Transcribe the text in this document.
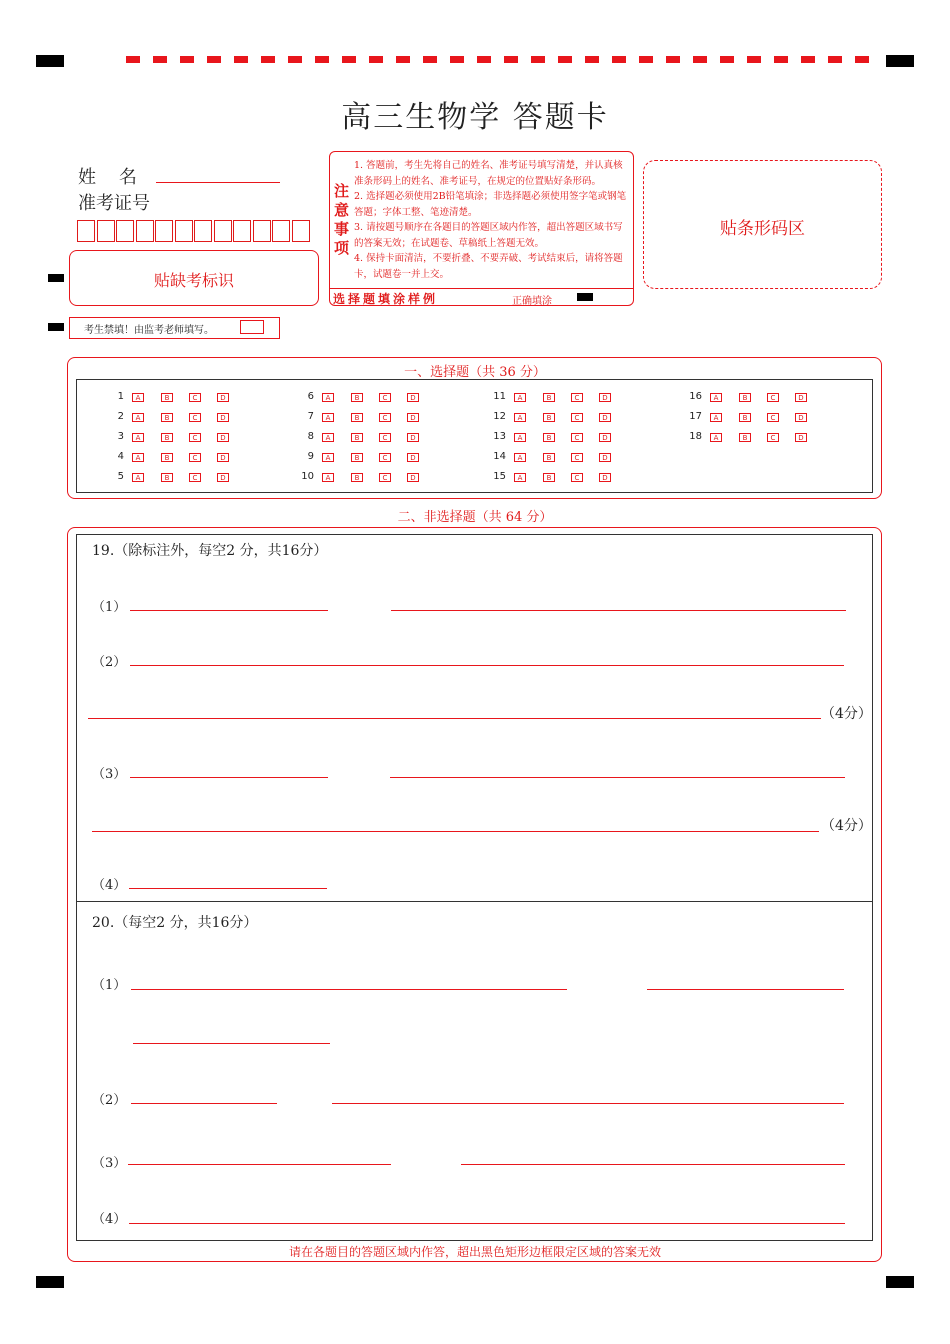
高三生物学 答题卡
姓    名
准考证号
贴缺考标识
考生禁填！由监考老师填写。
注意事项
1. 答题前，考生先将自己的姓名、准考证号填写清楚，并认真核准条形码上的姓名、准考证号，在规定的位置贴好条形码。
2. 选择题必须使用2B铅笔填涂；非选择题必须使用签字笔或钢笔答题；字体工整、笔迹清楚。
3. 请按题号顺序在各题目的答题区域内作答，超出答题区域书写的答案无效；在试题卷、草稿纸上答题无效。
4. 保持卡面清洁，不要折叠、不要弄破、考试结束后，请将答题卡，试题卷一并上交。
选择题填涂样例	正确填涂
贴条形码区
一、选择题（共 36 分）
1	A	B	C	D
2	A	B	C	D
3	A	B	C	D
4	A	B	C	D
5	A	B	C	D
6	A	B	C	D
7	A	B	C	D
8	A	B	C	D
9	A	B	C	D
10	A	B	C	D
11	A	B	C	D
12	A	B	C	D
13	A	B	C	D
14	A	B	C	D
15	A	B	C	D
16	A	B	C	D
17	A	B	C	D
18	A	B	C	D
二、非选择题（共 64 分）
19.（除标注外，每空2 分，共16分）
（1）
（2）
（4分）
（3）
（4分）
（4）
20.（每空2 分，共16分）
（1）
（2）
（3）
（4）
请在各题目的答题区域内作答，超出黑色矩形边框限定区域的答案无效
